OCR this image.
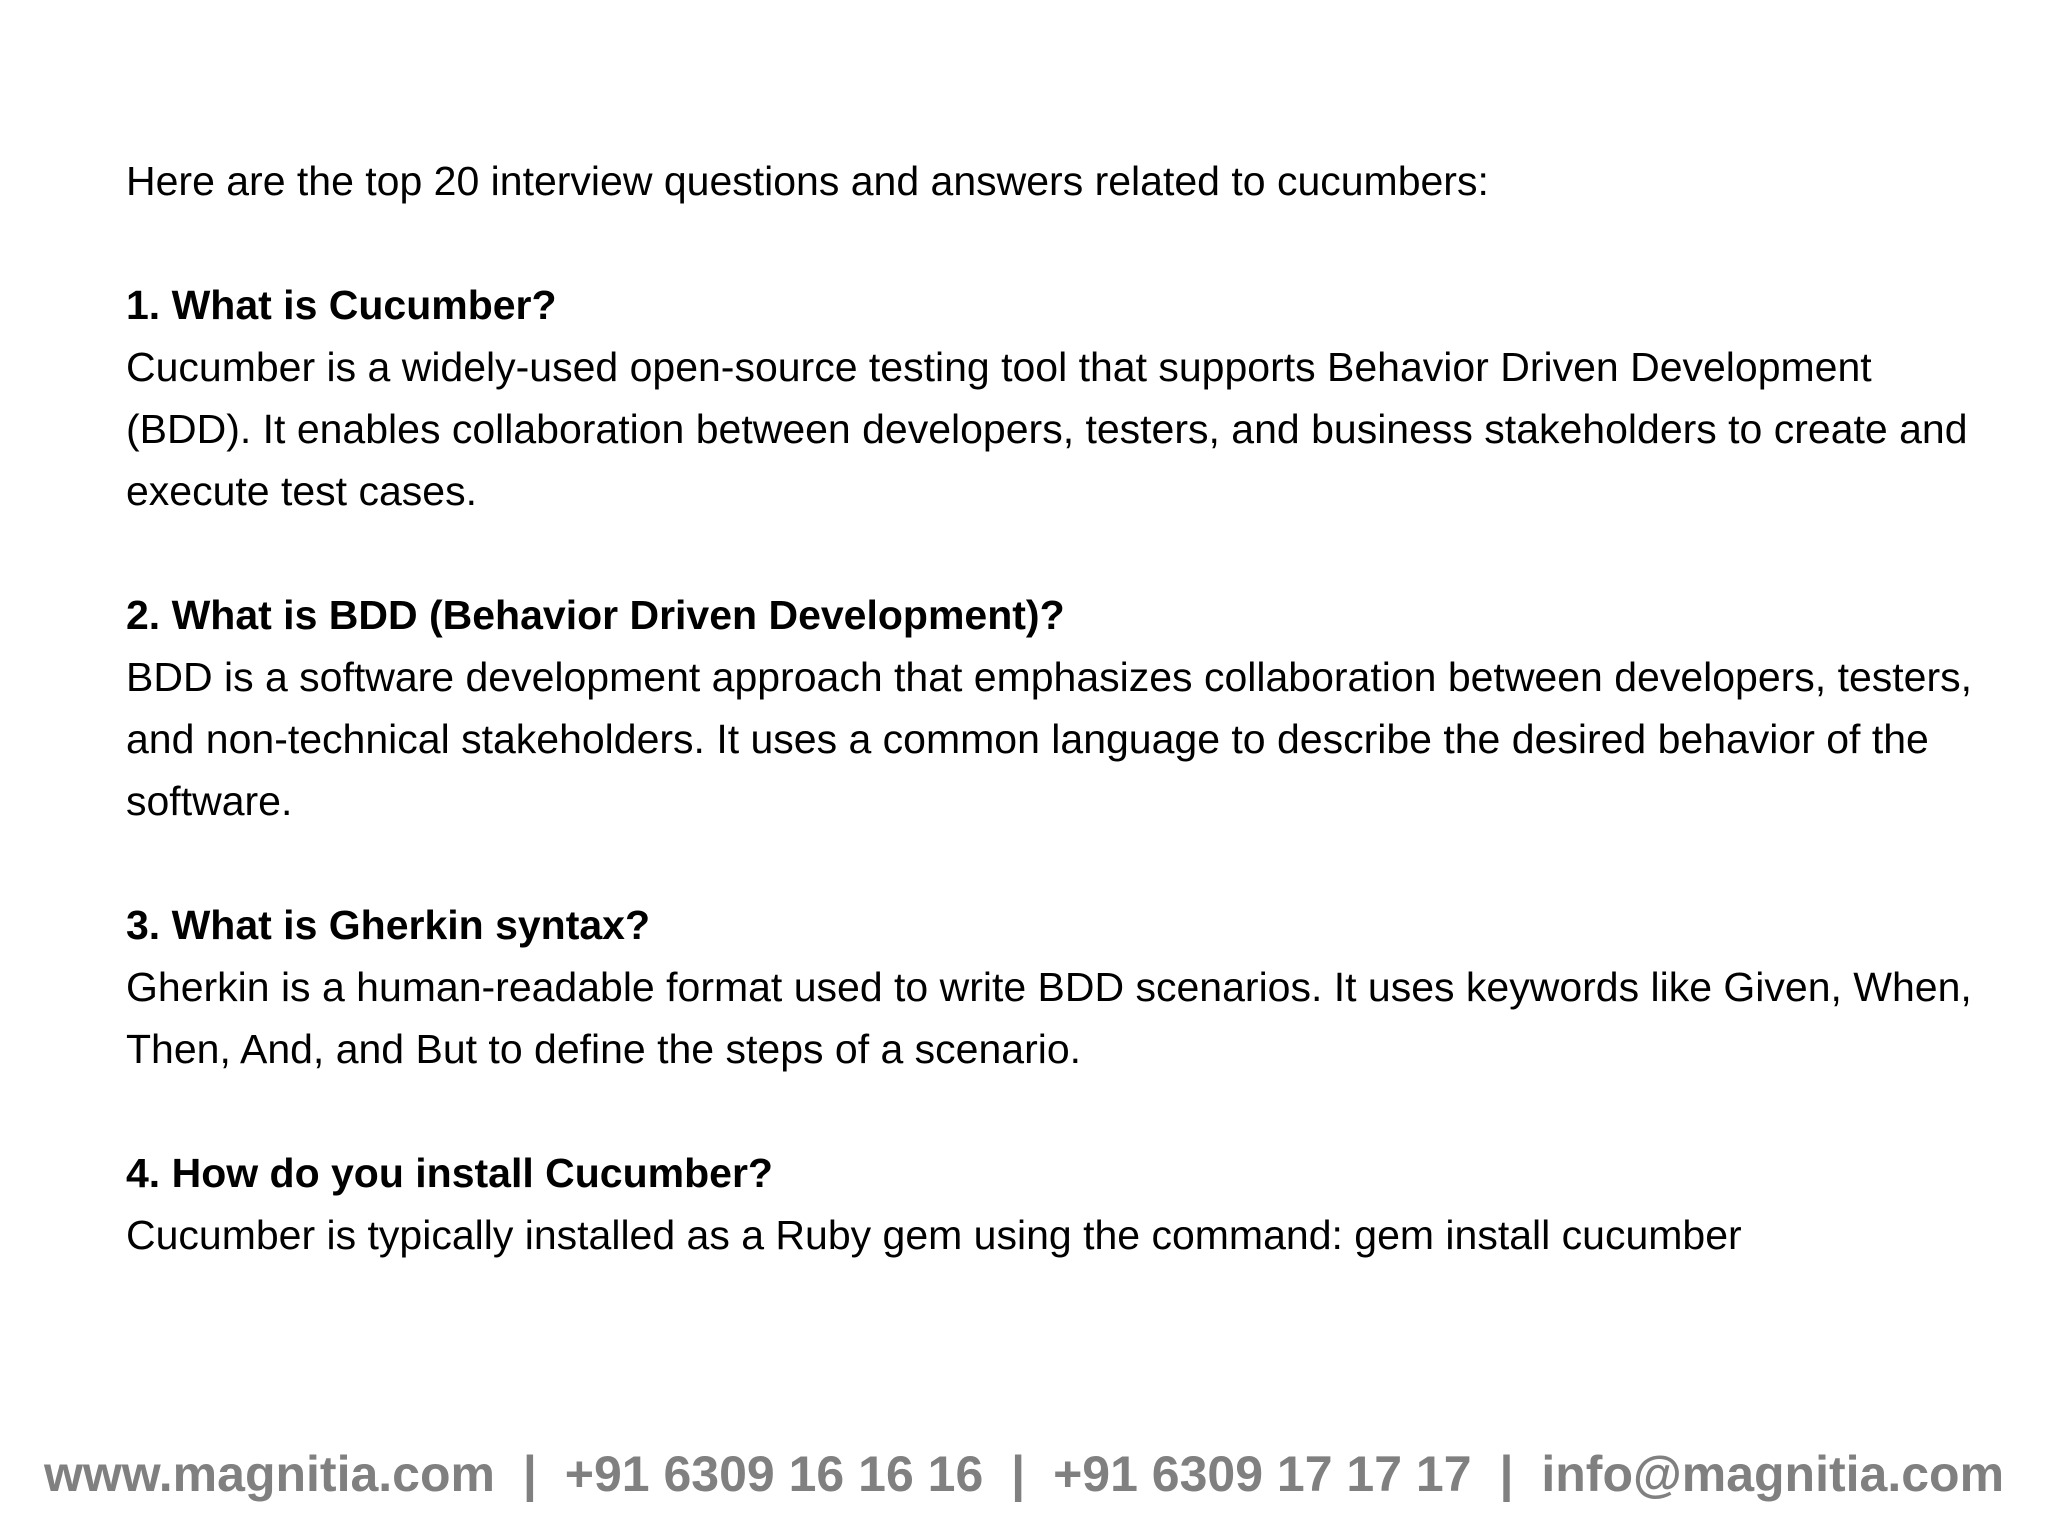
Here are the top 20 interview questions and answers related to cucumbers:

1. What is Cucumber?

Cucumber is a widely-used open-source testing tool that supports Behavior Driven Development (BDD). It enables collaboration between developers, testers, and business stakeholders to create and execute test cases.

2. What is BDD (Behavior Driven Development)?

BDD is a software development approach that emphasizes collaboration between developers, testers, and non-technical stakeholders. It uses a common language to describe the desired behavior of the software.

3. What is Gherkin syntax?

Gherkin is a human-readable format used to write BDD scenarios. It uses keywords like Given, When, Then, And, and But to define the steps of a scenario.

4. How do you install Cucumber?

Cucumber is typically installed as a Ruby gem using the command: gem install cucumber

www.magnitia.com | +91 6309 16 16 16 | +91 6309 17 17 17 | info@magnitia.com
